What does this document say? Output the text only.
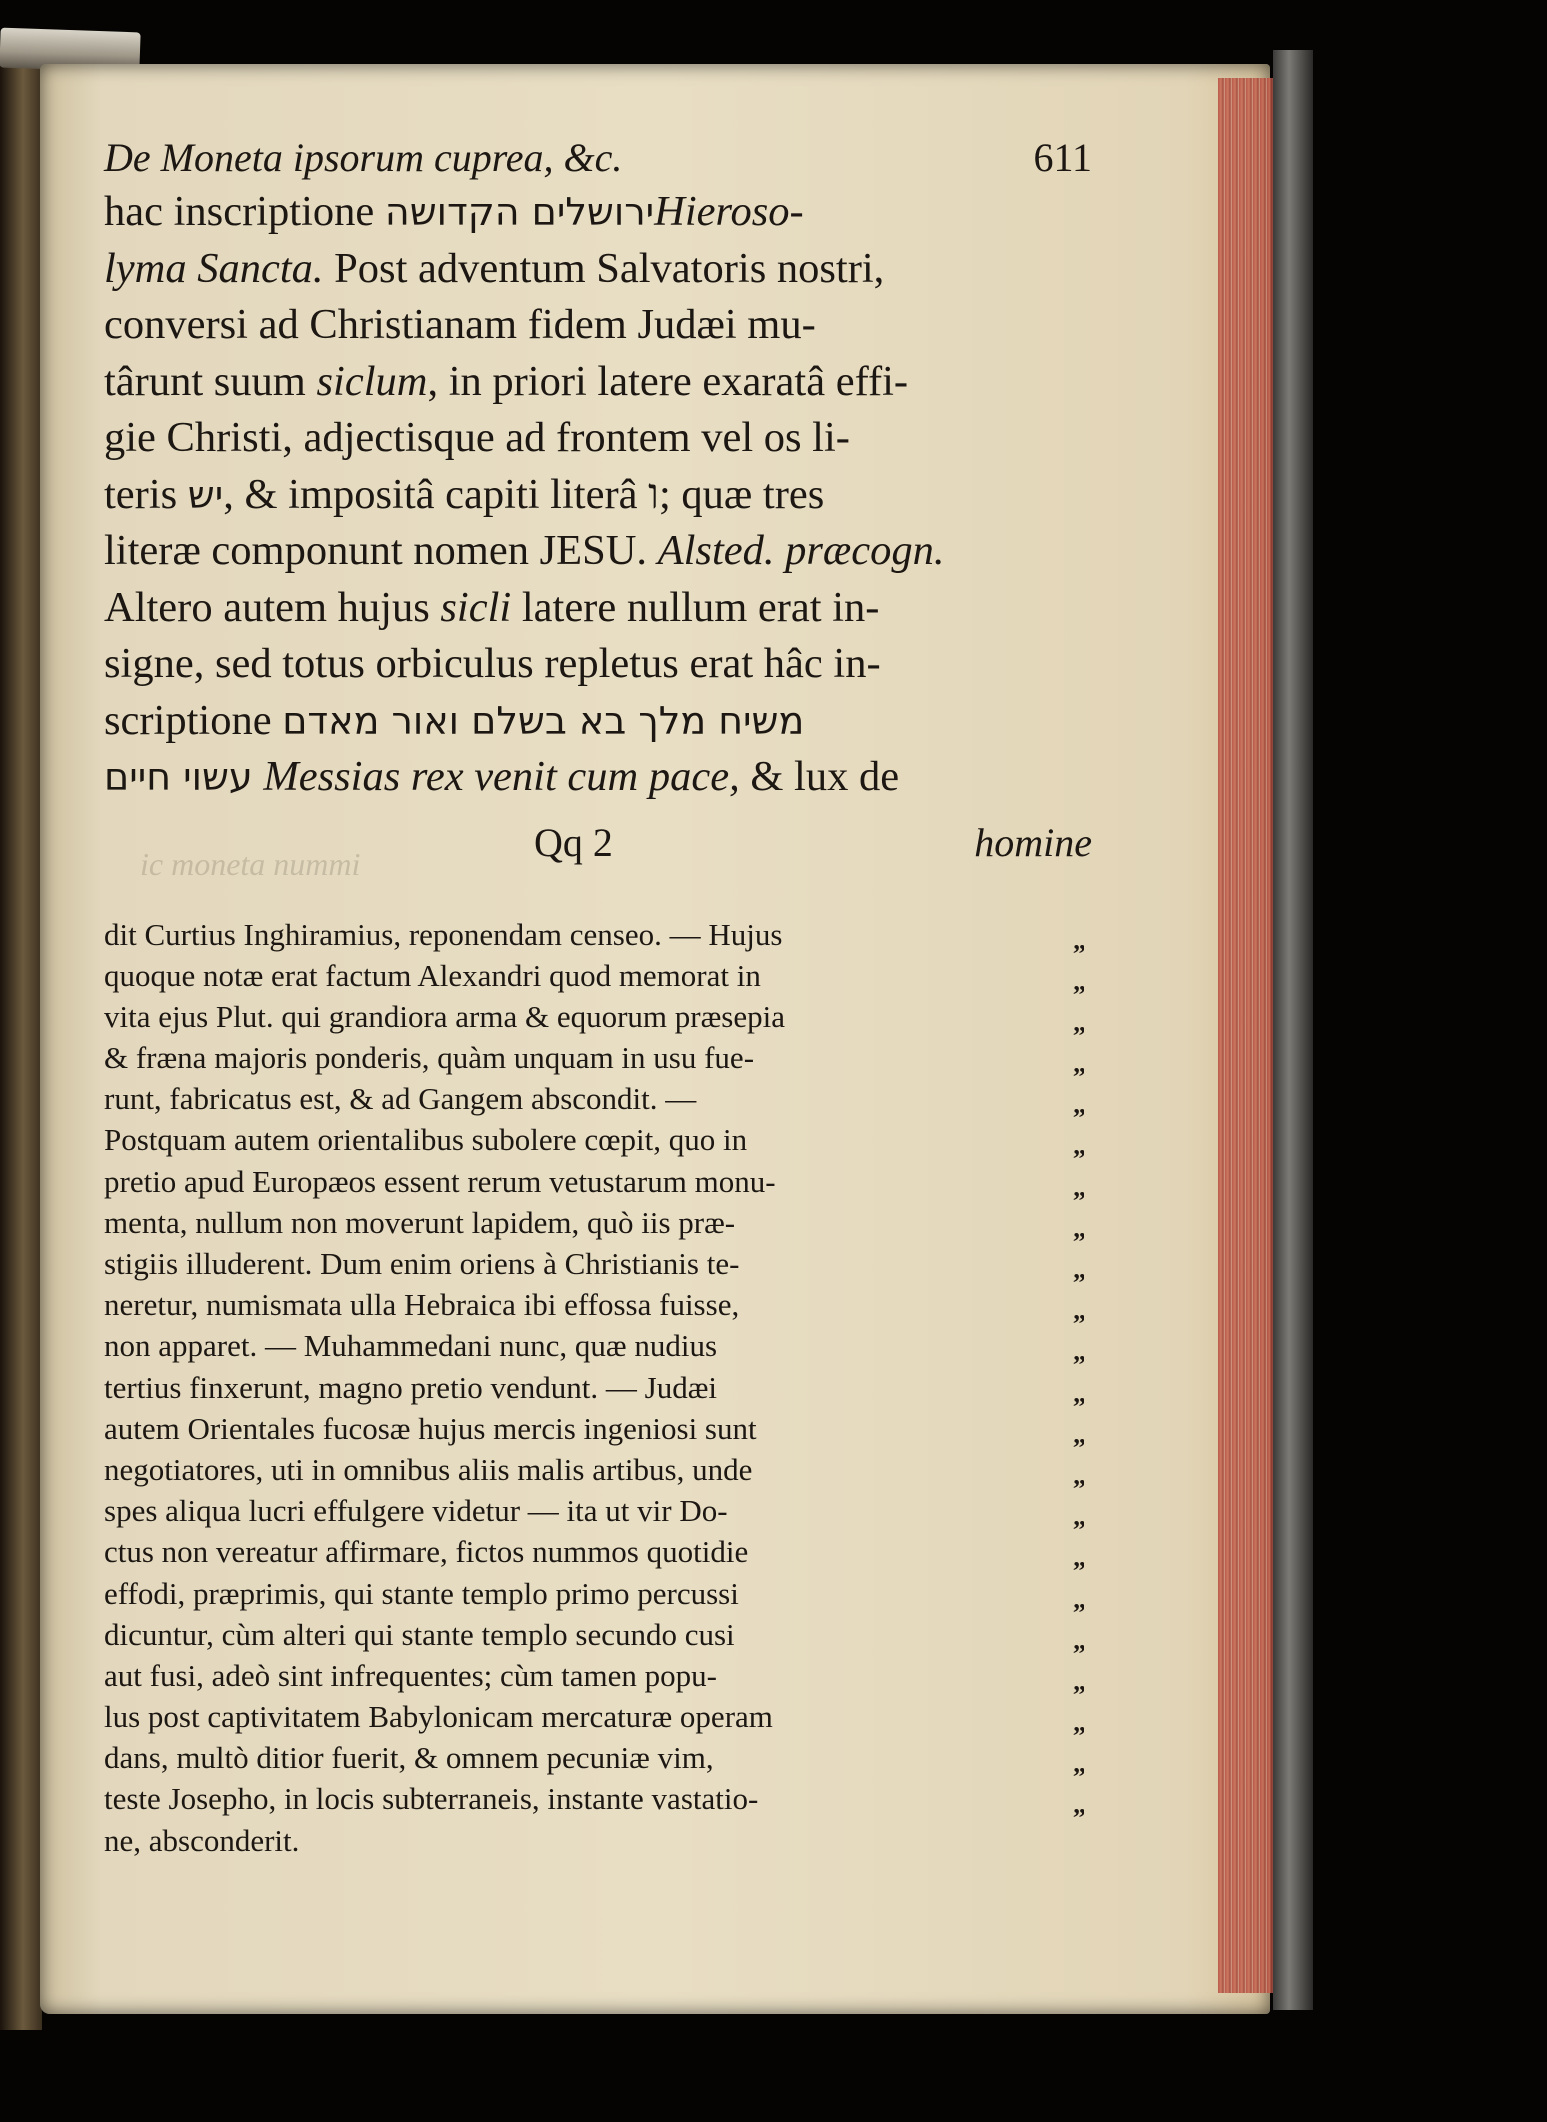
ic moneta nummi
De Moneta ipsorum cuprea, &c.	611
hac inscriptione ירושלים הקדושהHieroso-
lyma Sancta. Post adventum Salvatoris nostri,
conversi ad Christianam fidem Judæi mu-
târunt suum siclum, in priori latere exaratâ effi-
gie Christi, adjectisque ad frontem vel os li-
teris יש, & impositâ capiti literâ ו; quæ tres
literæ componunt nomen JESU. Alsted. præcogn.
Altero autem hujus sicli latere nullum erat in-
signe, sed totus orbiculus repletus erat hâc in-
scriptione משיח מלך בא בשלם ואור מאדם
עשוי חיים Messias rex venit cum pace, & lux de
Qq 2	homine
dit Curtius Inghiramius, reponendam censeo. — Hujus	„
quoque notæ erat factum Alexandri quod memorat in	„
vita ejus Plut. qui grandiora arma & equorum præsepia	„
& fræna majoris ponderis, quàm unquam in usu fue-	„
runt, fabricatus est, & ad Gangem abscondit. —	„
Postquam autem orientalibus subolere cœpit, quo in	„
pretio apud Europæos essent rerum vetustarum monu-	„
menta, nullum non moverunt lapidem, quò iis præ-	„
stigiis illuderent. Dum enim oriens à Christianis te-	„
neretur, numismata ulla Hebraica ibi effossa fuisse,	„
non apparet. — Muhammedani nunc, quæ nudius	„
tertius finxerunt, magno pretio vendunt. — Judæi	„
autem Orientales fucosæ hujus mercis ingeniosi sunt	„
negotiatores, uti in omnibus aliis malis artibus, unde	„
spes aliqua lucri effulgere videtur — ita ut vir Do-	„
ctus non vereatur affirmare, fictos nummos quotidie	„
effodi, præprimis, qui stante templo primo percussi	„
dicuntur, cùm alteri qui stante templo secundo cusi	„
aut fusi, adeò sint infrequentes; cùm tamen popu-	„
lus post captivitatem Babylonicam mercaturæ operam	„
dans, multò ditior fuerit, & omnem pecuniæ vim,	„
teste Josepho, in locis subterraneis, instante vastatio-	„
ne, absconderit.
